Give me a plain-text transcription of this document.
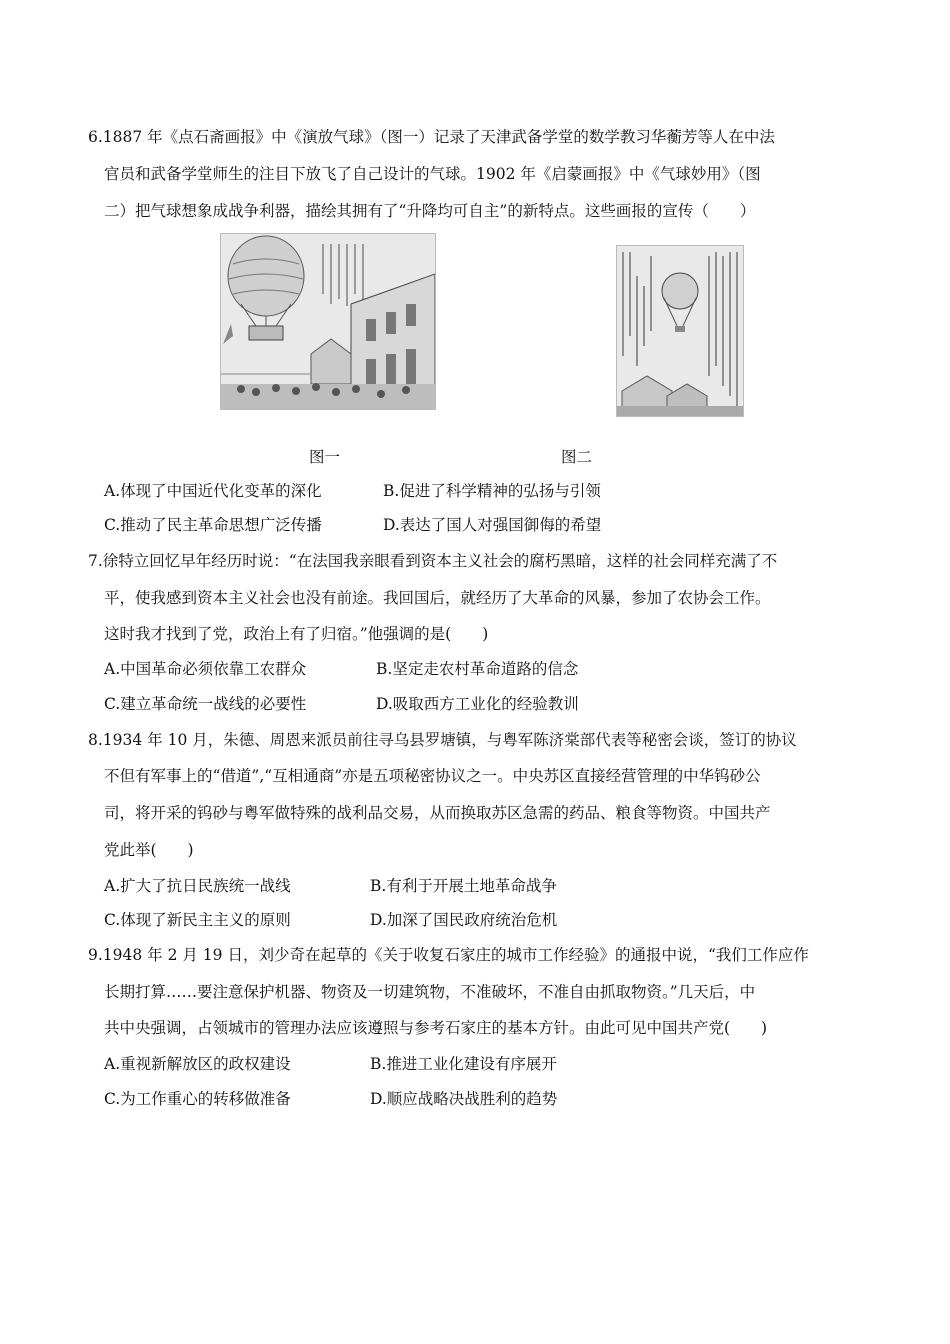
6.1887 年《点石斋画报》中《演放气球》（图一）记录了天津武备学堂的数学教习华蘅芳等人在中法
官员和武备学堂师生的注目下放飞了自己设计的气球。1902 年《启蒙画报》中《气球妙用》（图
二）把气球想象成战争利器，描绘其拥有了“升降均可自主”的新特点。这些画报的宣传（　　）
图一	图二
A.体现了中国近代化变革的深化	B.促进了科学精神的弘扬与引领
C.推动了民主革命思想广泛传播	D.表达了国人对强国御侮的希望
7.徐特立回忆早年经历时说：“在法国我亲眼看到资本主义社会的腐朽黑暗，这样的社会同样充满了不
平，使我感到资本主义社会也没有前途。我回国后，就经历了大革命的风暴，参加了农协会工作。
这时我才找到了党，政治上有了归宿。”他强调的是(　　)
A.中国革命必须依靠工农群众	B.坚定走农村革命道路的信念
C.建立革命统一战线的必要性	D.吸取西方工业化的经验教训
8.1934 年 10 月，朱德、周恩来派员前往寻乌县罗塘镇，与粤军陈济棠部代表等秘密会谈，签订的协议
不但有军事上的“借道”,“互相通商”亦是五项秘密协议之一。中央苏区直接经营管理的中华钨砂公
司，将开采的钨砂与粤军做特殊的战利品交易，从而换取苏区急需的药品、粮食等物资。中国共产
党此举(　　)
A.扩大了抗日民族统一战线	B.有利于开展土地革命战争
C.体现了新民主主义的原则	D.加深了国民政府统治危机
9.1948 年 2 月 19 日，刘少奇在起草的《关于收复石家庄的城市工作经验》的通报中说，“我们工作应作
长期打算……要注意保护机器、物资及一切建筑物，不准破坏，不准自由抓取物资。”几天后，中
共中央强调，占领城市的管理办法应该遵照与参考石家庄的基本方针。由此可见中国共产党(　　)
A.重视新解放区的政权建设	B.推进工业化建设有序展开
C.为工作重心的转移做准备	D.顺应战略决战胜利的趋势
